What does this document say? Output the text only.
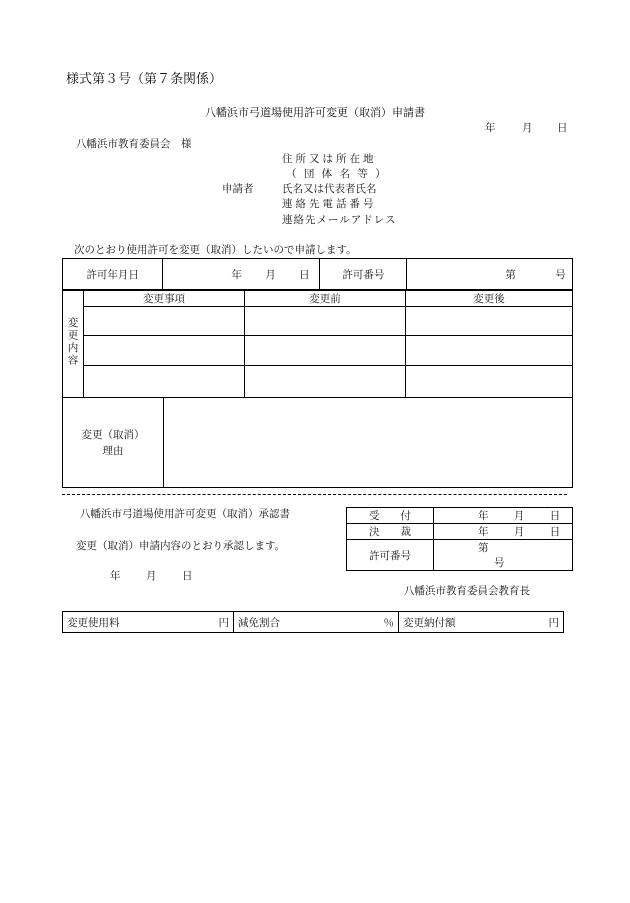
様式第３号（第７条関係）
八幡浜市弓道場使用許可変更（取消）申請書
年	月 日
八幡浜市教育委員会　様
住所又は所在地
（ 団 体 名 等 ）
申請者	氏名又は代表者氏名
連絡先電話番号
連絡先メールアドレス
次のとおり使用許可を変更（取消）したいので申請します。
許可年月日	年 月 日	許可番号	第	号
変更内容	変更事項	変更前	変更後

変更（取消）
理由

八幡浜市弓道場使用許可変更（取消）承認書
変更（取消）申請内容のとおり承認します。
年 月 日
八幡浜市教育委員会教育長
受　　付	年 月 日
決　　裁	年 月 日
許可番号	第 号
変更使用料	円	減免割合	％	変更納付額	円
